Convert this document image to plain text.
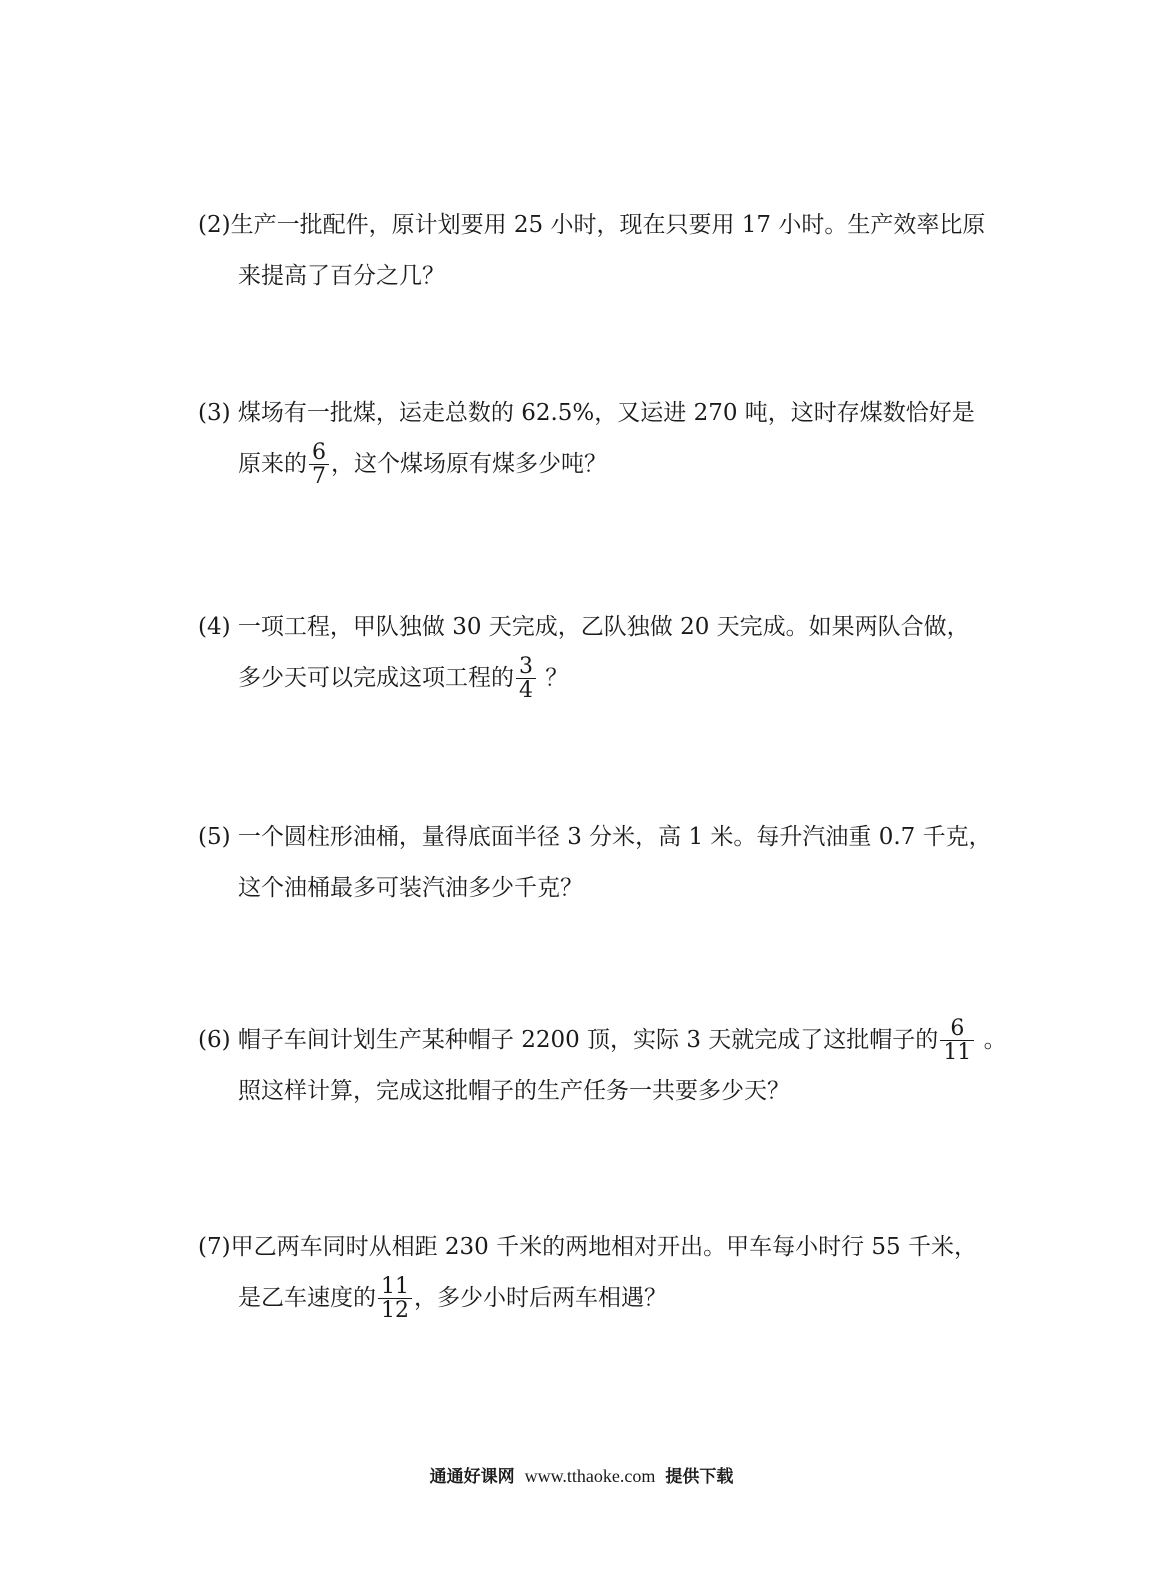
(2)生产一批配件，原计划要用 25 小时，现在只要用 17 小时。生产效率比原
来提高了百分之几？
(3) 煤场有一批煤，运走总数的 62.5%，又运进 270 吨，这时存煤数恰好是
原来的 $\frac{6}{7}$ ，这个煤场原有煤多少吨？
(4) 一项工程，甲队独做 30 天完成，乙队独做 20 天完成。如果两队合做，
多少天可以完成这项工程的 $\frac{3}{4}$ ？
(5) 一个圆柱形油桶，量得底面半径 3 分米，高 1 米。每升汽油重 0.7 千克，
这个油桶最多可装汽油多少千克？
(6) 帽子车间计划生产某种帽子 2200 顶，实际 3 天就完成了这批帽子的 $\frac{6}{11}$ 。
照这样计算，完成这批帽子的生产任务一共要多少天？
(7)甲乙两车同时从相距 230 千米的两地相对开出。甲车每小时行 55 千米，
是乙车速度的 $\frac{11}{12}$ ，多少小时后两车相遇？
通通好课网 www.tthaoke.com 提供下载
